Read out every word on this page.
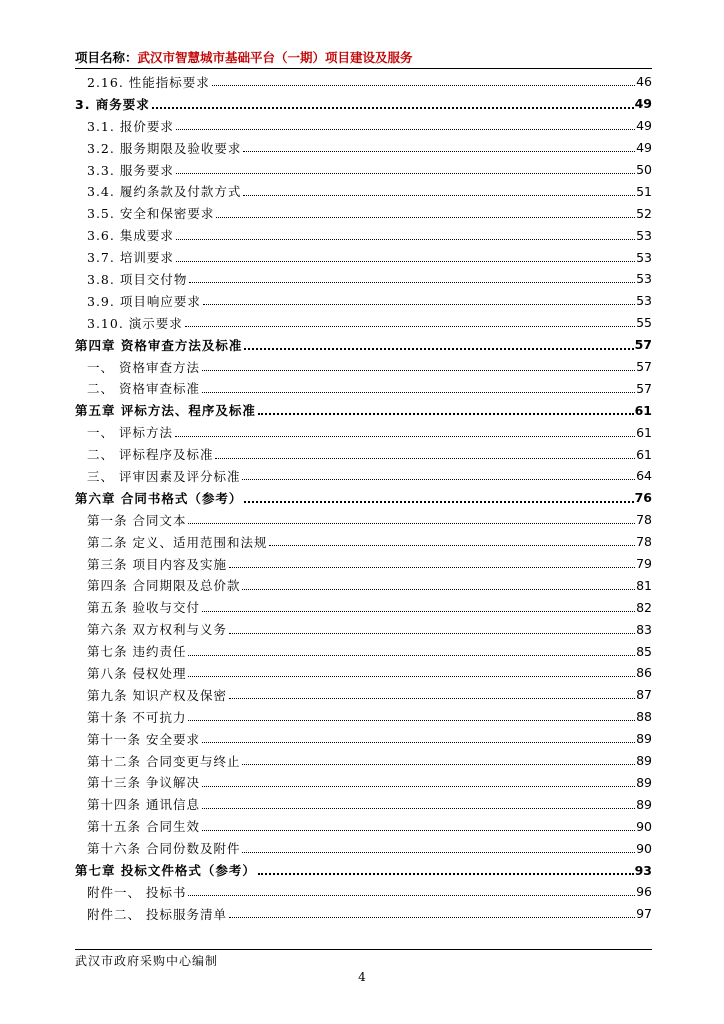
项目名称：武汉市智慧城市基础平台（一期）项目建设及服务
2.16. 性能指标要求	46
3. 商务要求	49
3.1. 报价要求	49
3.2. 服务期限及验收要求	49
3.3. 服务要求	50
3.4. 履约条款及付款方式	51
3.5. 安全和保密要求	52
3.6. 集成要求	53
3.7. 培训要求	53
3.8. 项目交付物	53
3.9. 项目响应要求	53
3.10. 演示要求	55
第四章 资格审查方法及标准	57
一、 资格审查方法	57
二、 资格审查标准	57
第五章 评标方法、程序及标准	61
一、 评标方法	61
二、 评标程序及标准	61
三、 评审因素及评分标准	64
第六章 合同书格式（参考）	76
第一条 合同文本	78
第二条 定义、适用范围和法规	78
第三条 项目内容及实施	79
第四条 合同期限及总价款	81
第五条 验收与交付	82
第六条 双方权利与义务	83
第七条 违约责任	85
第八条 侵权处理	86
第九条 知识产权及保密	87
第十条 不可抗力	88
第十一条 安全要求	89
第十二条 合同变更与终止	89
第十三条 争议解决	89
第十四条 通讯信息	89
第十五条 合同生效	90
第十六条 合同份数及附件	90
第七章 投标文件格式（参考）	93
附件一、 投标书	96
附件二、 投标服务清单	97
武汉市政府采购中心编制
4
